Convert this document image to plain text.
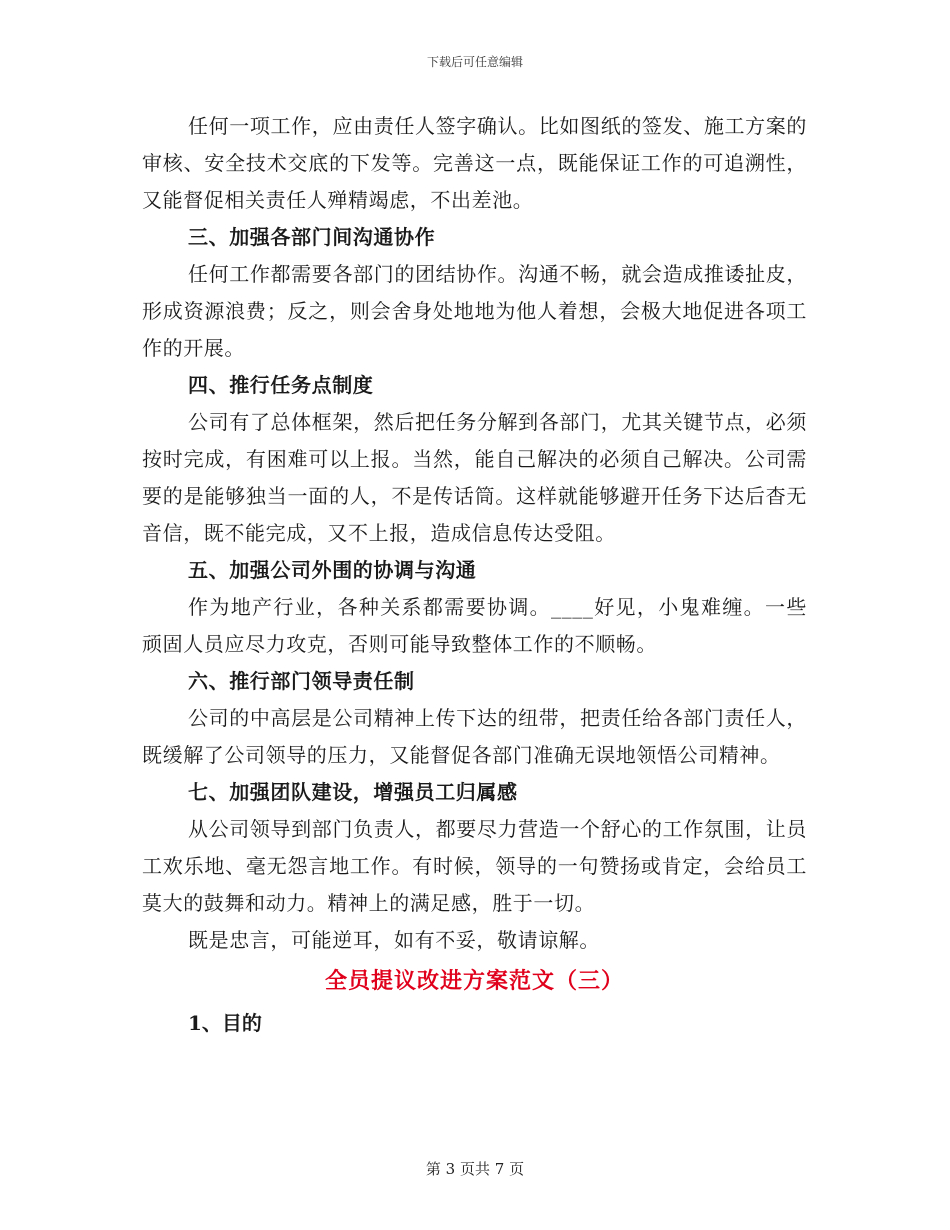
下载后可任意编辑

任何一项工作，应由责任人签字确认。比如图纸的签发、施工方案的审核、安全技术交底的下发等。完善这一点，既能保证工作的可追溯性，又能督促相关责任人殚精竭虑，不出差池。

三、加强各部门间沟通协作

任何工作都需要各部门的团结协作。沟通不畅，就会造成推诿扯皮，形成资源浪费；反之，则会舍身处地地为他人着想，会极大地促进各项工作的开展。

四、推行任务点制度

公司有了总体框架，然后把任务分解到各部门，尤其关键节点，必须按时完成，有困难可以上报。当然，能自己解决的必须自己解决。公司需要的是能够独当一面的人，不是传话筒。这样就能够避开任务下达后杳无音信，既不能完成，又不上报，造成信息传达受阻。

五、加强公司外围的协调与沟通

作为地产行业，各种关系都需要协调。____好见，小鬼难缠。一些顽固人员应尽力攻克，否则可能导致整体工作的不顺畅。

六、推行部门领导责任制

公司的中高层是公司精神上传下达的纽带，把责任给各部门责任人，既缓解了公司领导的压力，又能督促各部门准确无误地领悟公司精神。

七、加强团队建设，增强员工归属感

从公司领导到部门负责人，都要尽力营造一个舒心的工作氛围，让员工欢乐地、毫无怨言地工作。有时候，领导的一句赞扬或肯定，会给员工莫大的鼓舞和动力。精神上的满足感，胜于一切。

既是忠言，可能逆耳，如有不妥，敬请谅解。

全员提议改进方案范文（三）

1、目的

第 3 页共 7 页
